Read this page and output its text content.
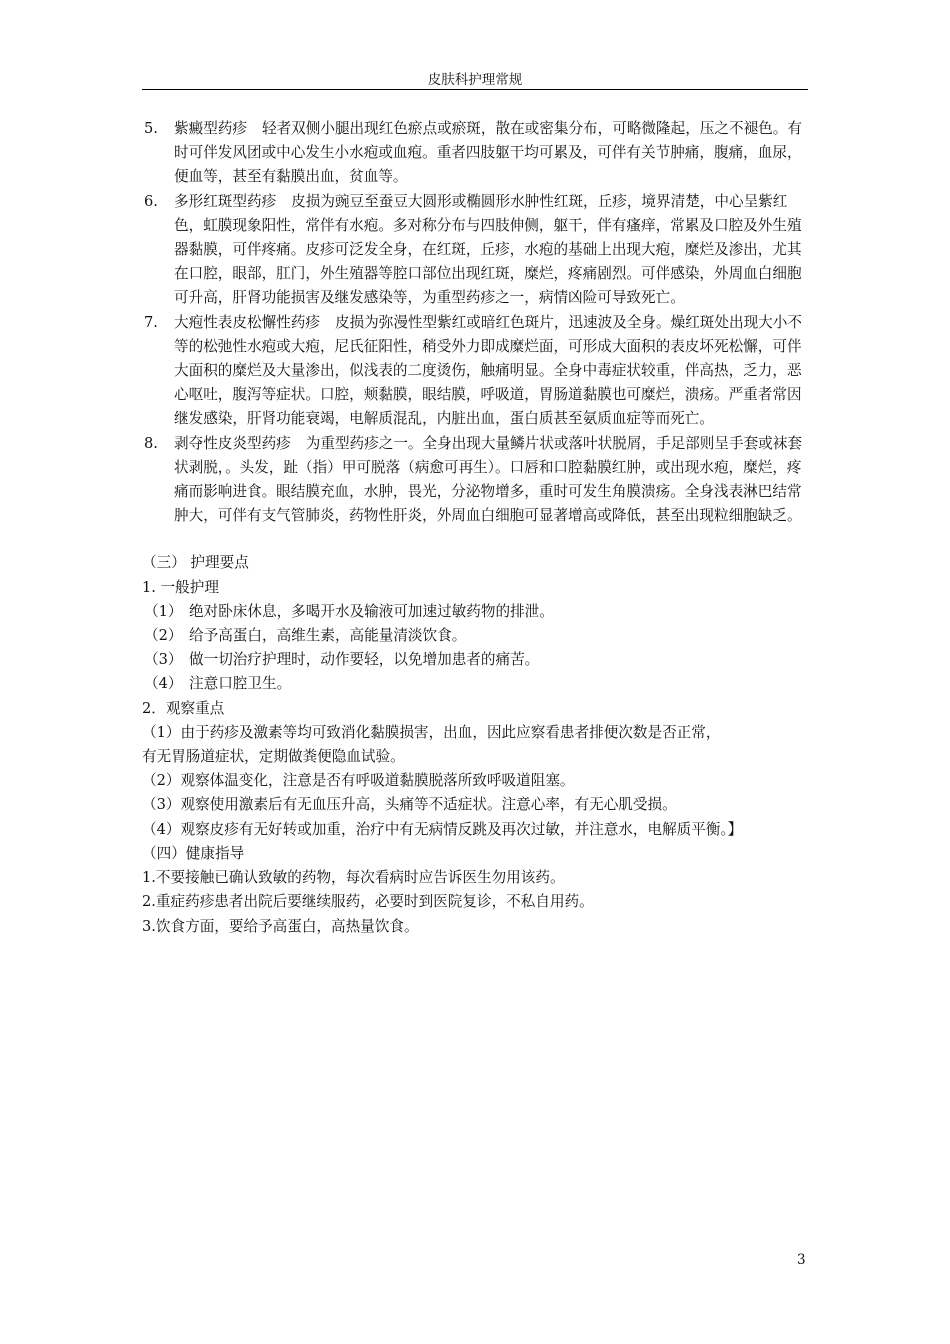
皮肤科护理常规
5. 紫癜型药疹 轻者双侧小腿出现红色瘀点或瘀斑，散在或密集分布，可略微隆起，压之不褪色。有时可伴发风团或中心发生小水疱或血疱。重者四肢躯干均可累及，可伴有关节肿痛，腹痛，血尿，便血等，甚至有黏膜出血，贫血等。
6. 多形红斑型药疹 皮损为豌豆至蚕豆大圆形或椭圆形水肿性红斑，丘疹，境界清楚，中心呈紫红色，虹膜现象阳性，常伴有水疱。多对称分布与四肢伸侧，躯干，伴有瘙痒，常累及口腔及外生殖器黏膜，可伴疼痛。皮疹可泛发全身，在红斑，丘疹，水疱的基础上出现大疱，糜烂及渗出，尤其在口腔，眼部，肛门，外生殖器等腔口部位出现红斑，糜烂，疼痛剧烈。可伴感染，外周血白细胞可升高，肝肾功能损害及继发感染等，为重型药疹之一，病情凶险可导致死亡。
7. 大疱性表皮松懈性药疹 皮损为弥漫性型紫红或暗红色斑片，迅速波及全身。燥红斑处出现大小不等的松弛性水疱或大疱，尼氏征阳性，稍受外力即成糜烂面，可形成大面积的表皮坏死松懈，可伴大面积的糜烂及大量渗出，似浅表的二度烫伤，触痛明显。全身中毒症状较重，伴高热，乏力，恶心呕吐，腹泻等症状。口腔，颊黏膜，眼结膜，呼吸道，胃肠道黏膜也可糜烂，溃疡。严重者常因继发感染，肝肾功能衰竭，电解质混乱，内脏出血，蛋白质甚至氨质血症等而死亡。
8. 剥夺性皮炎型药疹 为重型药疹之一。全身出现大量鳞片状或落叶状脱屑，手足部则呈手套或袜套状剥脱，。头发，趾（指）甲可脱落（病愈可再生）。口唇和口腔黏膜红肿，或出现水疱，糜烂，疼痛而影响进食。眼结膜充血，水肿，畏光，分泌物增多，重时可发生角膜溃疡。全身浅表淋巴结常肿大，可伴有支气管肺炎，药物性肝炎，外周血白细胞可显著增高或降低，甚至出现粒细胞缺乏。

（三） 护理要点

1. 一般护理

（1） 绝对卧床休息，多喝开水及输液可加速过敏药物的排泄。

（2） 给予高蛋白，高维生素，高能量清淡饮食。

（3） 做一切治疗护理时，动作要轻，以免增加患者的痛苦。

（4） 注意口腔卫生。

2．观察重点

（1）由于药疹及激素等均可致消化黏膜损害，出血，因此应察看患者排便次数是否正常，

有无胃肠道症状，定期做粪便隐血试验。

（2）观察体温变化，注意是否有呼吸道黏膜脱落所致呼吸道阻塞。

（3）观察使用激素后有无血压升高，头痛等不适症状。注意心率，有无心肌受损。

（4）观察皮疹有无好转或加重，治疗中有无病情反跳及再次过敏，并注意水，电解质平衡。】

（四）健康指导

1.不要接触已确认致敏的药物，每次看病时应告诉医生勿用该药。

2.重症药疹患者出院后要继续服药，必要时到医院复诊，不私自用药。

3.饮食方面，要给予高蛋白，高热量饮食。

3
